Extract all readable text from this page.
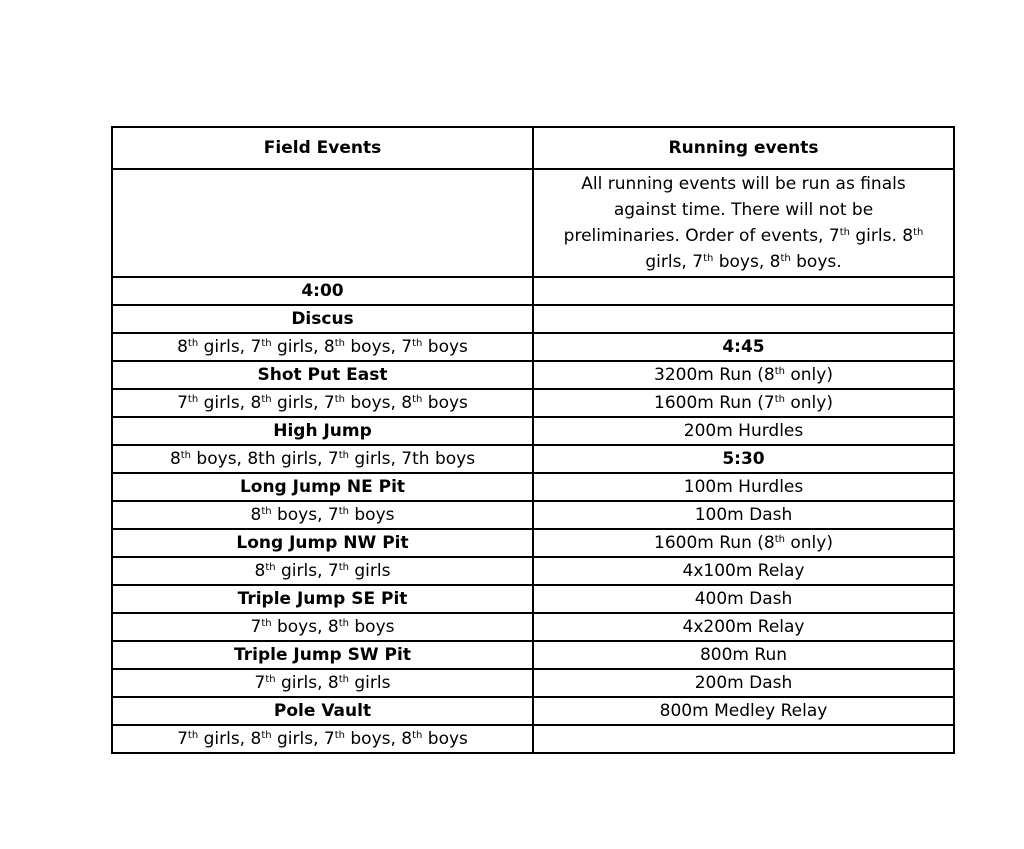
Field Events	Running events
	All running events will be run as finals
against time. There will not be
preliminaries. Order of events, 7th girls. 8th
girls, 7th boys, 8th boys.
4:00	
Discus	
8th girls, 7th girls, 8th boys, 7th boys	4:45
Shot Put East	3200m Run (8th only)
7th girls, 8th girls, 7th boys, 8th boys	1600m Run (7th only)
High Jump	200m Hurdles
8th boys, 8th girls, 7th girls, 7th boys	5:30
Long Jump NE Pit	100m Hurdles
8th boys, 7th boys	100m Dash
Long Jump NW Pit	1600m Run (8th only)
8th girls, 7th girls	4x100m Relay
Triple Jump SE Pit	400m Dash
7th boys, 8th boys	4x200m Relay
Triple Jump SW Pit	800m Run
7th girls, 8th girls	200m Dash
Pole Vault	800m Medley Relay
7th girls, 8th girls, 7th boys, 8th boys	
